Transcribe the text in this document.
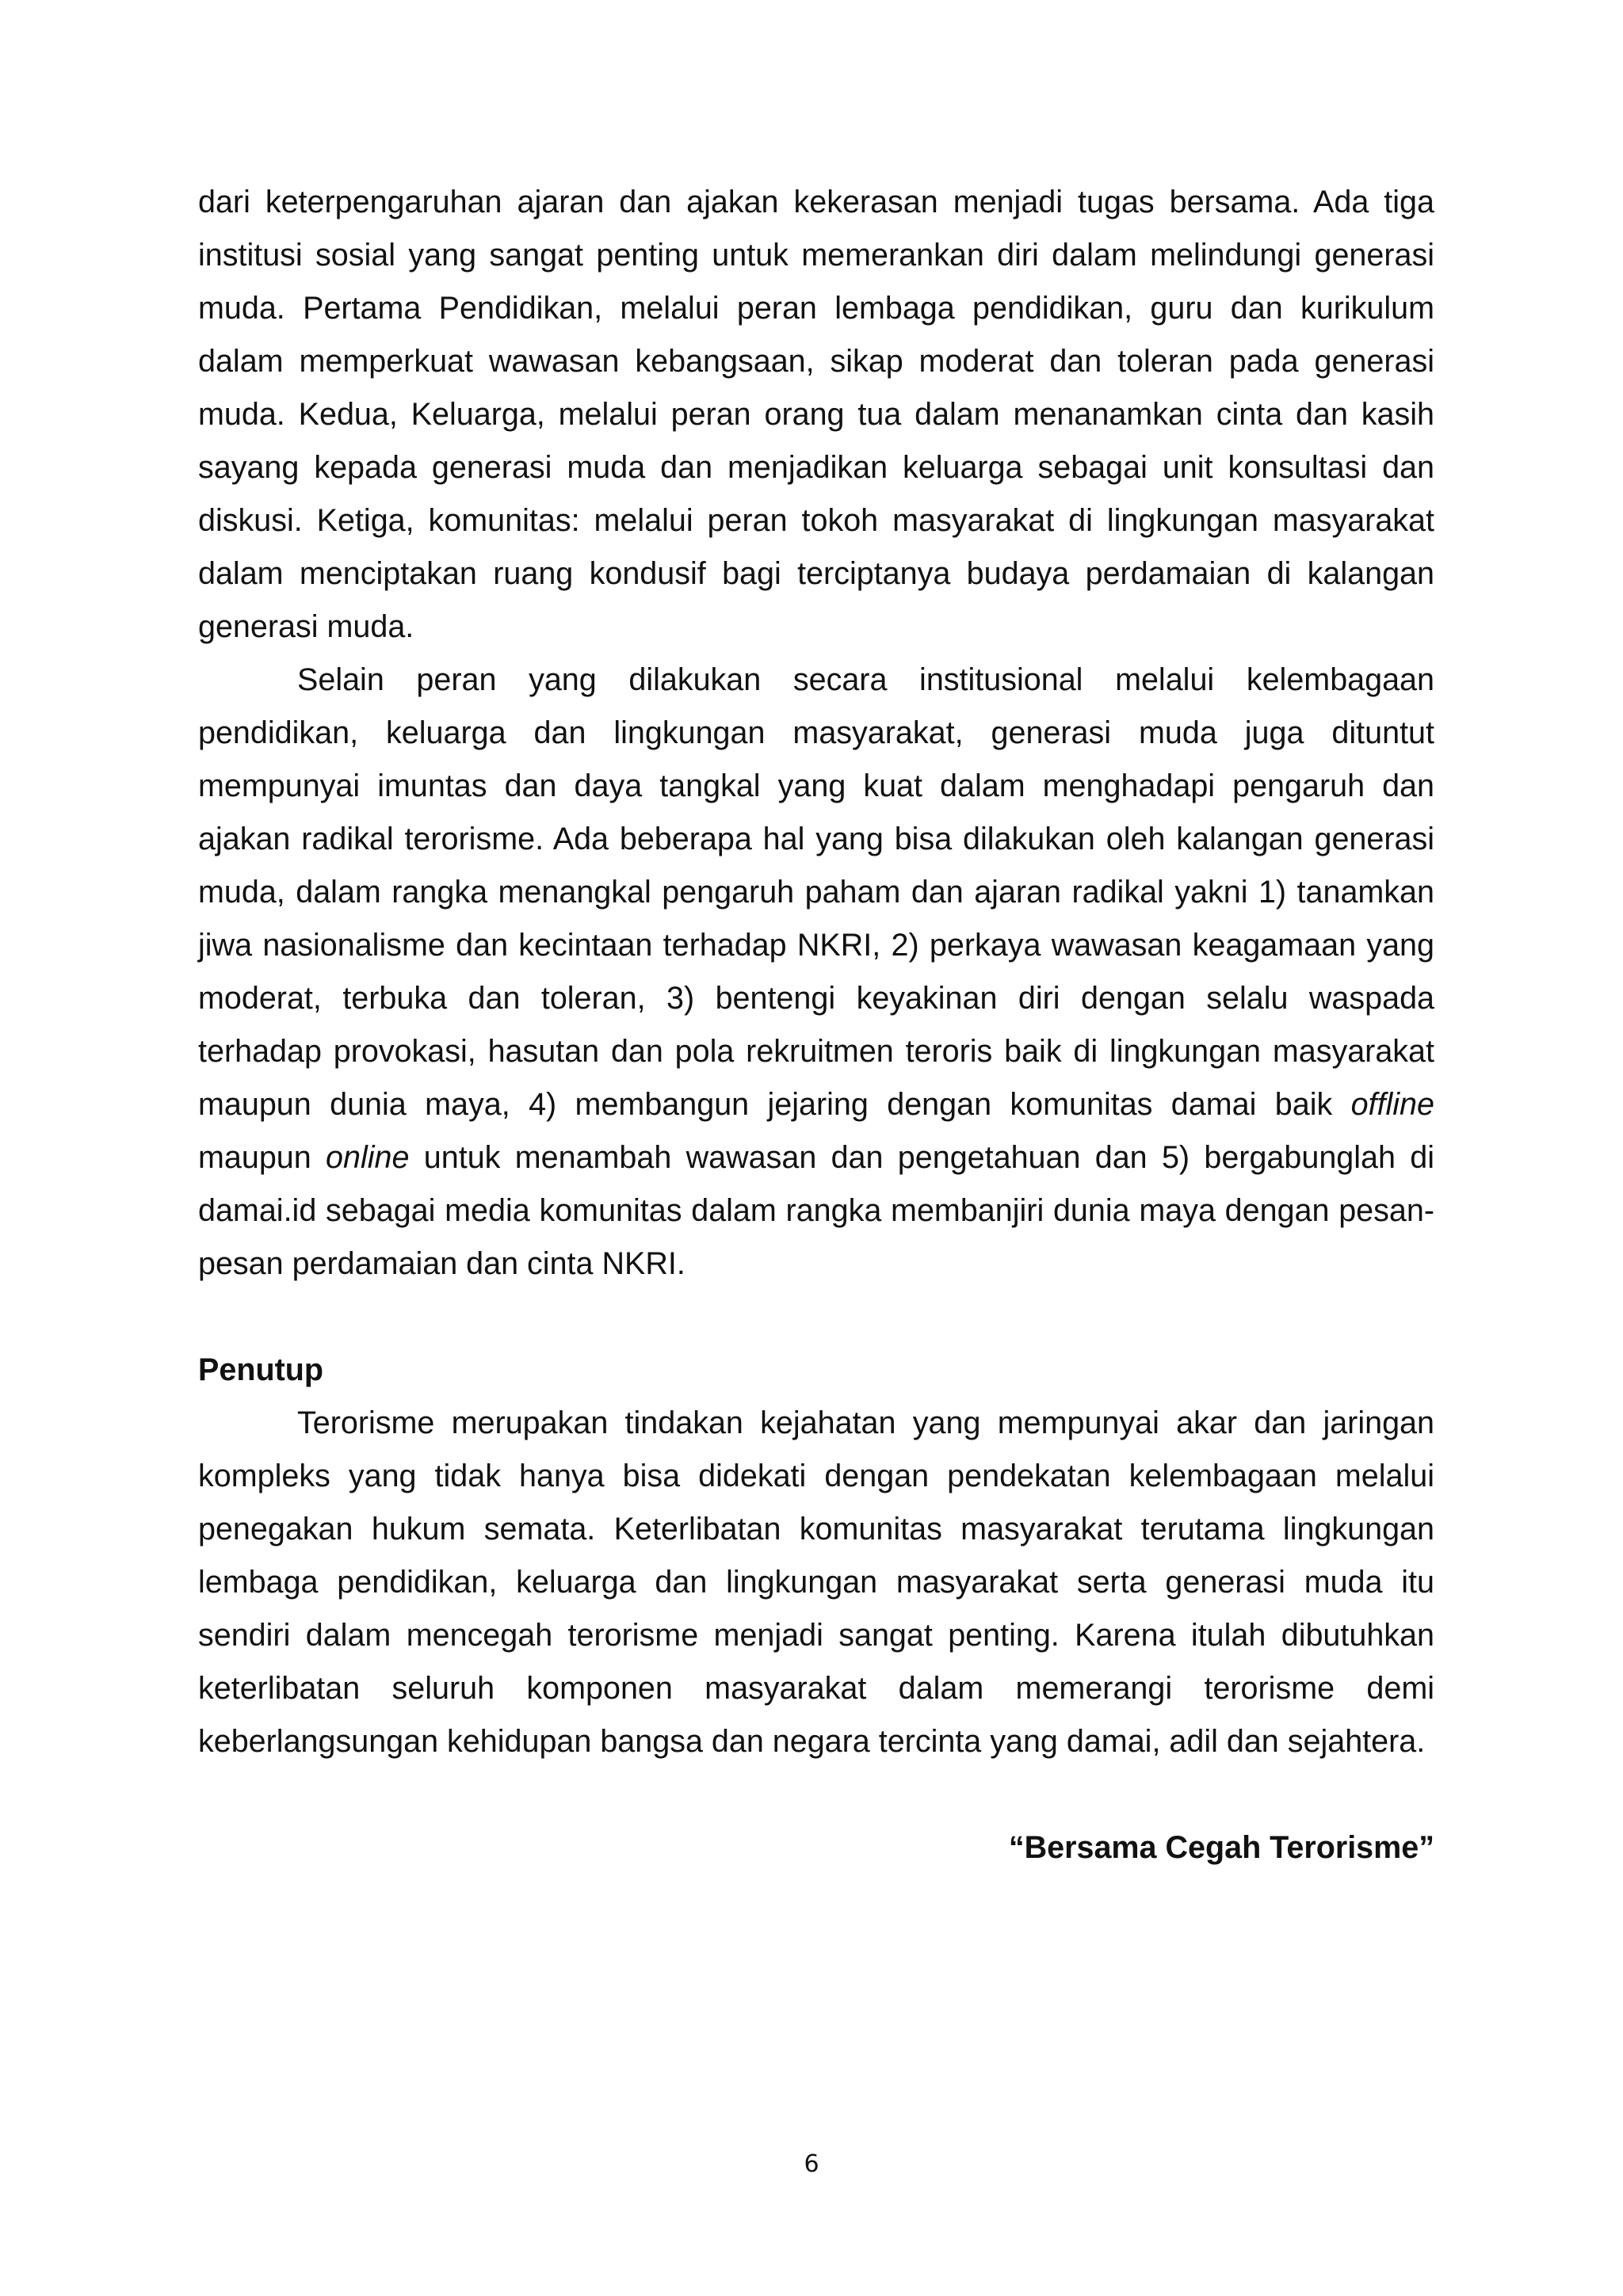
dari keterpengaruhan ajaran dan ajakan kekerasan menjadi tugas bersama. Ada tiga institusi sosial yang sangat penting untuk memerankan diri dalam melindungi generasi muda. Pertama Pendidikan, melalui peran lembaga pendidikan, guru dan kurikulum dalam memperkuat wawasan kebangsaan, sikap moderat dan toleran pada generasi muda. Kedua, Keluarga, melalui peran orang tua dalam menanamkan cinta dan kasih sayang kepada generasi muda dan menjadikan keluarga sebagai unit konsultasi dan diskusi. Ketiga, komunitas: melalui peran tokoh masyarakat di lingkungan masyarakat dalam menciptakan ruang kondusif bagi terciptanya budaya perdamaian di kalangan generasi muda.

Selain peran yang dilakukan secara institusional melalui kelembagaan pendidikan, keluarga dan lingkungan masyarakat, generasi muda juga dituntut mempunyai imuntas dan daya tangkal yang kuat dalam menghadapi pengaruh dan ajakan radikal terorisme. Ada beberapa hal yang bisa dilakukan oleh kalangan generasi muda, dalam rangka menangkal pengaruh paham dan ajaran radikal yakni 1) tanamkan jiwa nasionalisme dan kecintaan terhadap NKRI, 2) perkaya wawasan keagamaan yang moderat, terbuka dan toleran, 3) bentengi keyakinan diri dengan selalu waspada terhadap provokasi, hasutan dan pola rekruitmen teroris baik di lingkungan masyarakat maupun dunia maya, 4) membangun jejaring dengan komunitas damai baik offline maupun online untuk menambah wawasan dan pengetahuan dan 5) bergabunglah di damai.id sebagai media komunitas dalam rangka membanjiri dunia maya dengan pesan-pesan perdamaian dan cinta NKRI.

Penutup

Terorisme merupakan tindakan kejahatan yang mempunyai akar dan jaringan kompleks yang tidak hanya bisa didekati dengan pendekatan kelembagaan melalui penegakan hukum semata. Keterlibatan komunitas masyarakat terutama lingkungan lembaga pendidikan, keluarga dan lingkungan masyarakat serta generasi muda itu sendiri dalam mencegah terorisme menjadi sangat penting. Karena itulah dibutuhkan keterlibatan seluruh komponen masyarakat dalam memerangi terorisme demi keberlangsungan kehidupan bangsa dan negara tercinta yang damai, adil dan sejahtera.

“Bersama Cegah Terorisme”

6
